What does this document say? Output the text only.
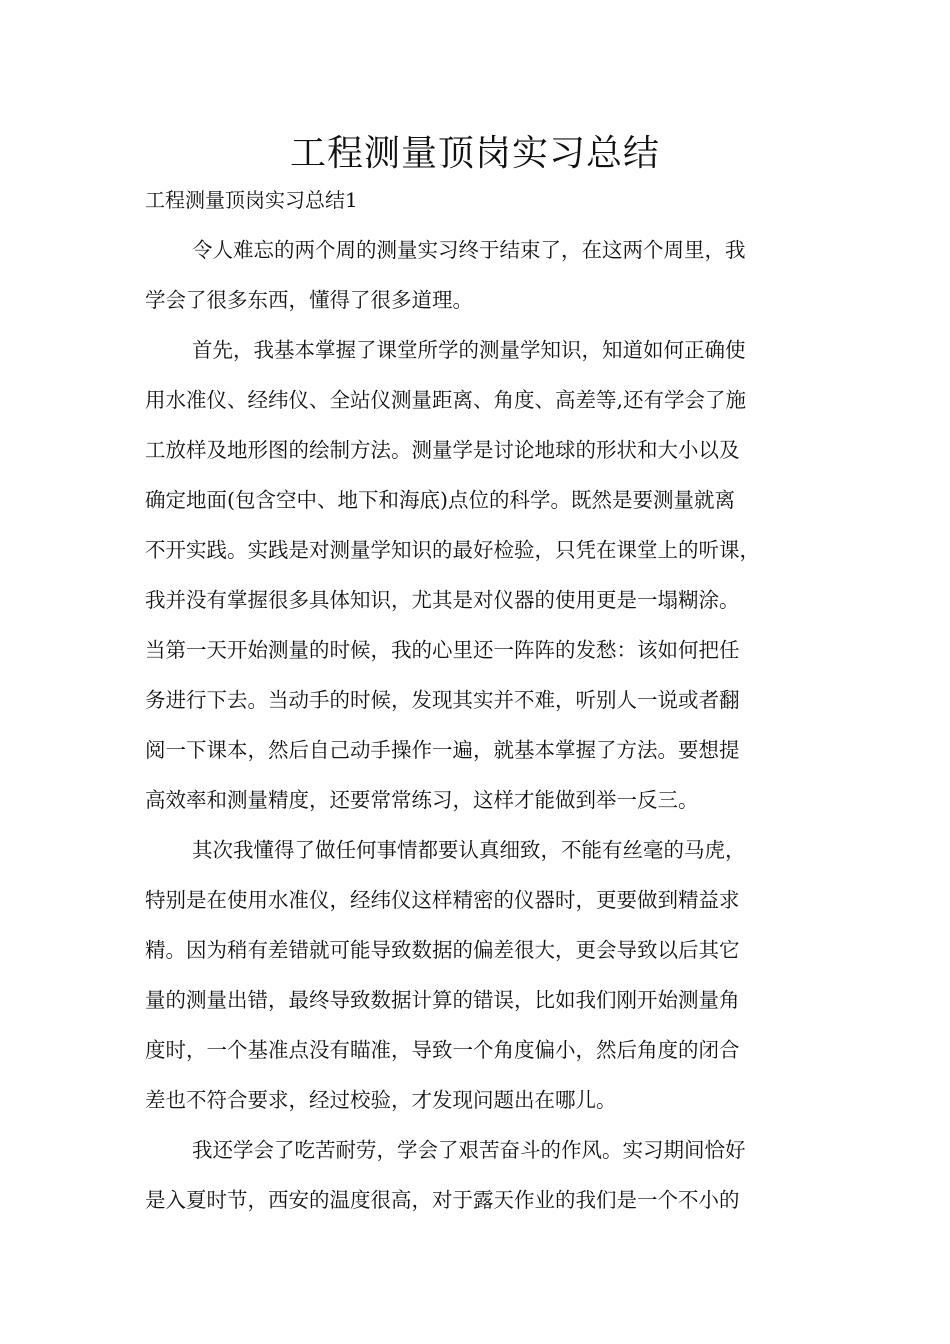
工程测量顶岗实习总结

工程测量顶岗实习总结1

令人难忘的两个周的测量实习终于结束了，在这两个周里，我

学会了很多东西，懂得了很多道理。

首先，我基本掌握了课堂所学的测量学知识，知道如何正确使

用水准仪、经纬仪、全站仪测量距离、角度、高差等,还有学会了施

工放样及地形图的绘制方法。测量学是讨论地球的形状和大小以及

确定地面(包含空中、地下和海底)点位的科学。既然是要测量就离

不开实践。实践是对测量学知识的最好检验，只凭在课堂上的听课，

我并没有掌握很多具体知识，尤其是对仪器的使用更是一塌糊涂。

当第一天开始测量的时候，我的心里还一阵阵的发愁：该如何把任

务进行下去。当动手的时候，发现其实并不难，听别人一说或者翻

阅一下课本，然后自己动手操作一遍，就基本掌握了方法。要想提

高效率和测量精度，还要常常练习，这样才能做到举一反三。

其次我懂得了做任何事情都要认真细致，不能有丝毫的马虎，

特别是在使用水准仪，经纬仪这样精密的仪器时，更要做到精益求

精。因为稍有差错就可能导致数据的偏差很大，更会导致以后其它

量的测量出错，最终导致数据计算的错误，比如我们刚开始测量角

度时，一个基准点没有瞄准，导致一个角度偏小，然后角度的闭合

差也不符合要求，经过校验，才发现问题出在哪儿。

我还学会了吃苦耐劳，学会了艰苦奋斗的作风。实习期间恰好

是入夏时节，西安的温度很高，对于露天作业的我们是一个不小的
